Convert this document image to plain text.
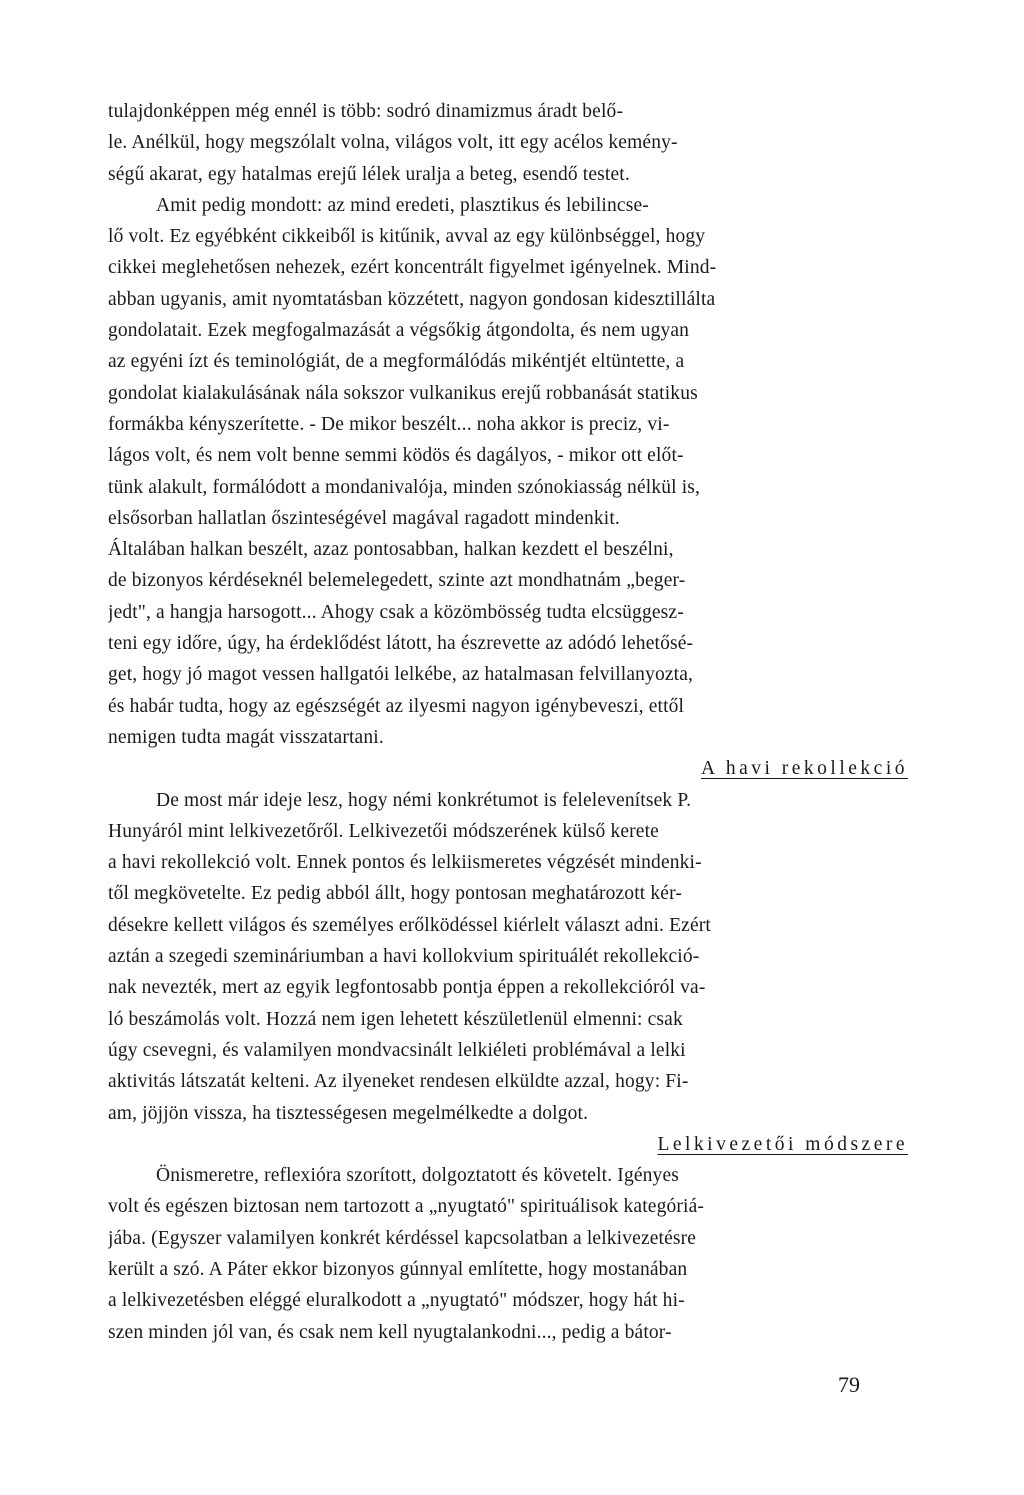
tulajdonképpen még ennél is több: sodró dinamizmus áradt belő-
le. Anélkül, hogy megszólalt volna, világos volt, itt egy acélos kemény-
ségű akarat, egy hatalmas erejű lélek uralja a beteg, esendő testet.
Amit pedig mondott: az mind eredeti, plasztikus és lebilincse-
lő volt. Ez egyébként cikkeiből is kitűnik, avval az egy különbséggel, hogy
cikkei meglehetősen nehezek, ezért koncentrált figyelmet igényelnek. Mind-
abban ugyanis, amit nyomtatásban közzétett, nagyon gondosan kidesztillálta
gondolatait. Ezek megfogalmazását a végsőkig átgondolta, és nem ugyan
az egyéni ízt és teminológiát, de a megformálódás mikéntjét eltüntette, a
gondolat kialakulásának nála sokszor vulkanikus erejű robbanását statikus
formákba kényszerítette. - De mikor beszélt... noha akkor is preciz, vi-
lágos volt, és nem volt benne semmi ködös és dagályos, - mikor ott előt-
tünk alakult, formálódott a mondanivalója, minden szónokiasság nélkül is,
elsősorban hallatlan őszinteségével magával ragadott mindenkit.
Általában halkan beszélt, azaz pontosabban, halkan kezdett el beszélni,
de bizonyos kérdéseknél belemelegedett, szinte azt mondhatnám „beger-
jedt", a hangja harsogott... Ahogy csak a közömbösség tudta elcsüggesz-
teni egy időre, úgy, ha érdeklődést látott, ha észrevette az adódó lehetősé-
get, hogy jó magot vessen hallgatói lelkébe, az hatalmasan felvillanyozta,
és habár tudta, hogy az egészségét az ilyesmi nagyon igénybeveszi, ettől
nemigen tudta magát visszatartani.
A havi rekollekció
De most már ideje lesz, hogy némi konkrétumot is felelevenítsek P.
Hunyáról mint lelkivezetőről. Lelkivezetői módszerének külső kerete
a havi rekollekció volt. Ennek pontos és lelkiismeretes végzését mindenki-
től megkövetelte. Ez pedig abból állt, hogy pontosan meghatározott kér-
désekre kellett világos és személyes erőlködéssel kiérlelt választ adni. Ezért
aztán a szegedi szemináriumban a havi kollokvium spirituálét rekollekció-
nak nevezték, mert az egyik legfontosabb pontja éppen a rekollekcióról va-
ló beszámolás volt. Hozzá nem igen lehetett készületlenül elmenni: csak
úgy csevegni, és valamilyen mondvacsinált lelkiéleti problémával a lelki
aktivitás látszatát kelteni. Az ilyeneket rendesen elküldte azzal, hogy: Fi-
am, jöjjön vissza, ha tisztességesen megelmélkedte a dolgot.
Lelkivezetői módszere
Önismeretre, reflexióra szorított, dolgoztatott és követelt. Igényes
volt és egészen biztosan nem tartozott a „nyugtató" spirituálisok kategóriá-
jába. (Egyszer valamilyen konkrét kérdéssel kapcsolatban a lelkivezetésre
került a szó. A Páter ekkor bizonyos gúnnyal említette, hogy mostanában
a lelkivezetésben eléggé eluralkodott a „nyugtató" módszer, hogy hát hi-
szen minden jól van, és csak nem kell nyugtalankodni..., pedig a bátor-
79
